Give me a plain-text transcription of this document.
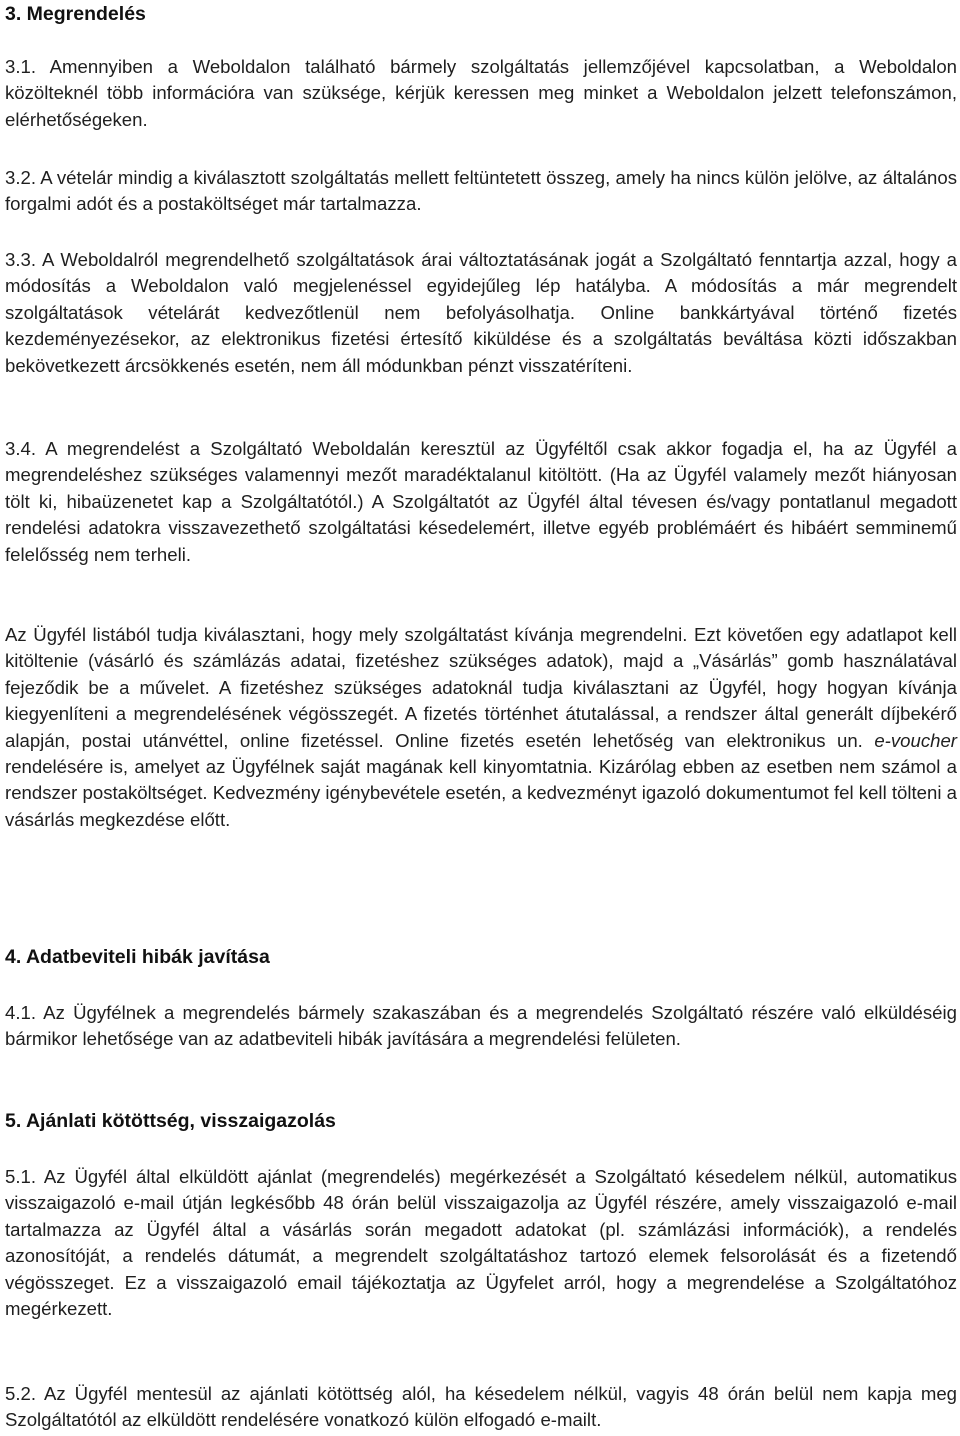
3. Megrendelés

3.1. Amennyiben a Weboldalon található bármely szolgáltatás jellemzőjével kapcsolatban, a Weboldalon közölteknél több információra van szüksége, kérjük keressen meg minket a Weboldalon jelzett telefonszámon, elérhetőségeken.

3.2. A vételár mindig a kiválasztott szolgáltatás mellett feltüntetett összeg, amely ha nincs külön jelölve, az általános forgalmi adót és a postaköltséget már tartalmazza.

3.3. A Weboldalról megrendelhető szolgáltatások árai változtatásának jogát a Szolgáltató fenntartja azzal, hogy a módosítás a Weboldalon való megjelenéssel egyidejűleg lép hatályba. A módosítás a már megrendelt szolgáltatások vételárát kedvezőtlenül nem befolyásolhatja. Online bankkártyával történő fizetés kezdeményezésekor, az elektronikus fizetési értesítő kiküldése és a szolgáltatás beváltása közti időszakban bekövetkezett árcsökkenés esetén, nem áll módunkban pénzt visszatéríteni.

3.4. A megrendelést a Szolgáltató Weboldalán keresztül az Ügyféltől csak akkor fogadja el, ha az Ügyfél a megrendeléshez szükséges valamennyi mezőt maradéktalanul kitöltött. (Ha az Ügyfél valamely mezőt hiányosan tölt ki, hibaüzenetet kap a Szolgáltatótól.) A Szolgáltatót az Ügyfél által tévesen és/vagy pontatlanul megadott rendelési adatokra visszavezethető szolgáltatási késedelemért, illetve egyéb problémáért és hibáért semminemű felelősség nem terheli.

Az Ügyfél listából tudja kiválasztani, hogy mely szolgáltatást kívánja megrendelni. Ezt követően egy adatlapot kell kitöltenie (vásárló és számlázás adatai, fizetéshez szükséges adatok), majd a „Vásárlás” gomb használatával fejeződik be a művelet. A fizetéshez szükséges adatoknál tudja kiválasztani az Ügyfél, hogy hogyan kívánja kiegyenlíteni a megrendelésének végösszegét. A fizetés történhet átutalással, a rendszer által generált díjbekérő alapján, postai utánvéttel, online fizetéssel. Online fizetés esetén lehetőség van elektronikus un. e-voucher rendelésére is, amelyet az Ügyfélnek saját magának kell kinyomtatnia. Kizárólag ebben az esetben nem számol a rendszer postaköltséget. Kedvezmény igénybevétele esetén, a kedvezményt igazoló dokumentumot fel kell tölteni a vásárlás megkezdése előtt.

4. Adatbeviteli hibák javítása

4.1. Az Ügyfélnek a megrendelés bármely szakaszában és a megrendelés Szolgáltató részére való elküldéséig bármikor lehetősége van az adatbeviteli hibák javítására a megrendelési felületen.

5. Ajánlati kötöttség, visszaigazolás

5.1. Az Ügyfél által elküldött ajánlat (megrendelés) megérkezését a Szolgáltató késedelem nélkül, automatikus visszaigazoló e-mail útján legkésőbb 48 órán belül visszaigazolja az Ügyfél részére, amely visszaigazoló e-mail tartalmazza az Ügyfél által a vásárlás során megadott adatokat (pl. számlázási információk), a rendelés azonosítóját, a rendelés dátumát, a megrendelt szolgáltatáshoz tartozó elemek felsorolását és a fizetendő végösszeget. Ez a visszaigazoló email tájékoztatja az Ügyfelet arról, hogy a megrendelése a Szolgáltatóhoz megérkezett.

5.2. Az Ügyfél mentesül az ajánlati kötöttség alól, ha késedelem nélkül, vagyis 48 órán belül nem kapja meg Szolgáltatótól az elküldött rendelésére vonatkozó külön elfogadó e-mailt.
